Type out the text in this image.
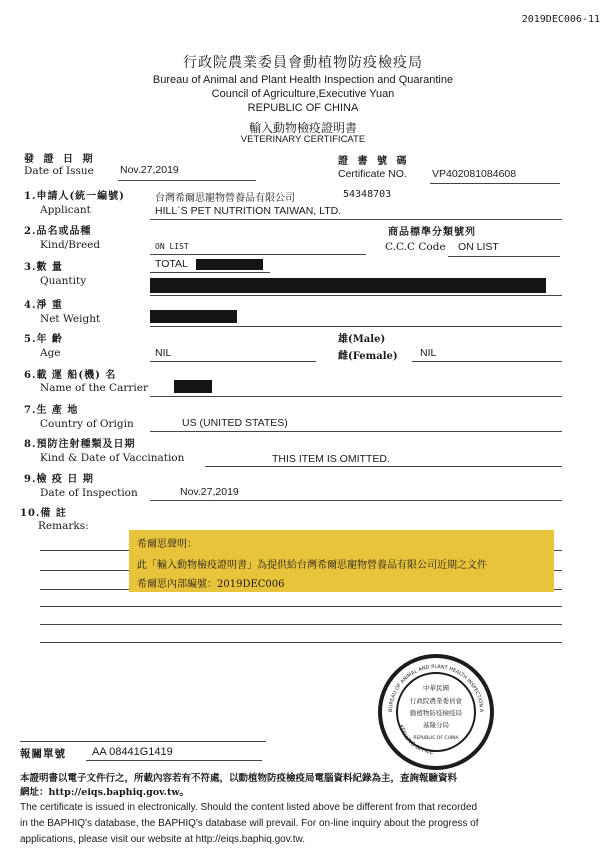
2019DEC006-11
行政院農業委員會動植物防疫檢疫局
Bureau of Animal and Plant Health Inspection and Quarantine
Council of Agriculture,Executive Yuan
REPUBLIC OF CHINA
輸入動物檢疫證明書
VETERINARY CERTIFICATE
發 證 日 期
Date of Issue Nov.27,2019
證 書 號 碼
Certificate NO. VP402081084608
1.申請人(統一編號)
Applicant
台灣希爾思寵物營養品有限公司	54348703
HILL`S PET NUTRITION TAIWAN, LTD.
2.品名或品種
Kind/Breed	ON LIST
商品標準分類號列
C.C.C Code ON LIST
3.數 量
Quantity
TOTAL
4.淨 重
Net Weight
5.年 齡
Age	NIL
雄(Male)
雌(Female) NIL
6.載 運 船(機) 名
Name of the Carrier
7.生 產 地
Country of Origin	US (UNITED STATES)
8.預防注射種類及日期
Kind & Date of Vaccination	THIS ITEM IS OMITTED.
9.檢 疫 日 期
Date of Inspection	Nov.27,2019
10.備 註
Remarks:
希爾思聲明：
此「輸入動物檢疫證明書」為提供給台灣希爾思寵物營養品有限公司近期之文件
希爾思內部編號：2019DEC006
BUREAU OF ANIMAL AND PLANT HEALTH INSPECTION A
KEELUNG OFFICE
中華民國
行政院農業委員會
動植物防疫檢疫局
基隆分局
REPUBLIC OF CHINA
報關單號 AA 08441G1419
本證明書以電子文件行之，所載內容若有不符處，以動植物防疫檢疫局電腦資料紀錄為主，查詢報驗資料
網址：http://eiqs.baphiq.gov.tw。
The certificate is issued in electronically. Should the content listed above be different from that recorded
in the BAPHIQ's database, the BAPHIQ's database will prevail. For on-line inquiry about the progress of
applications, please visit our website at http://eiqs.baphiq.gov.tw.
